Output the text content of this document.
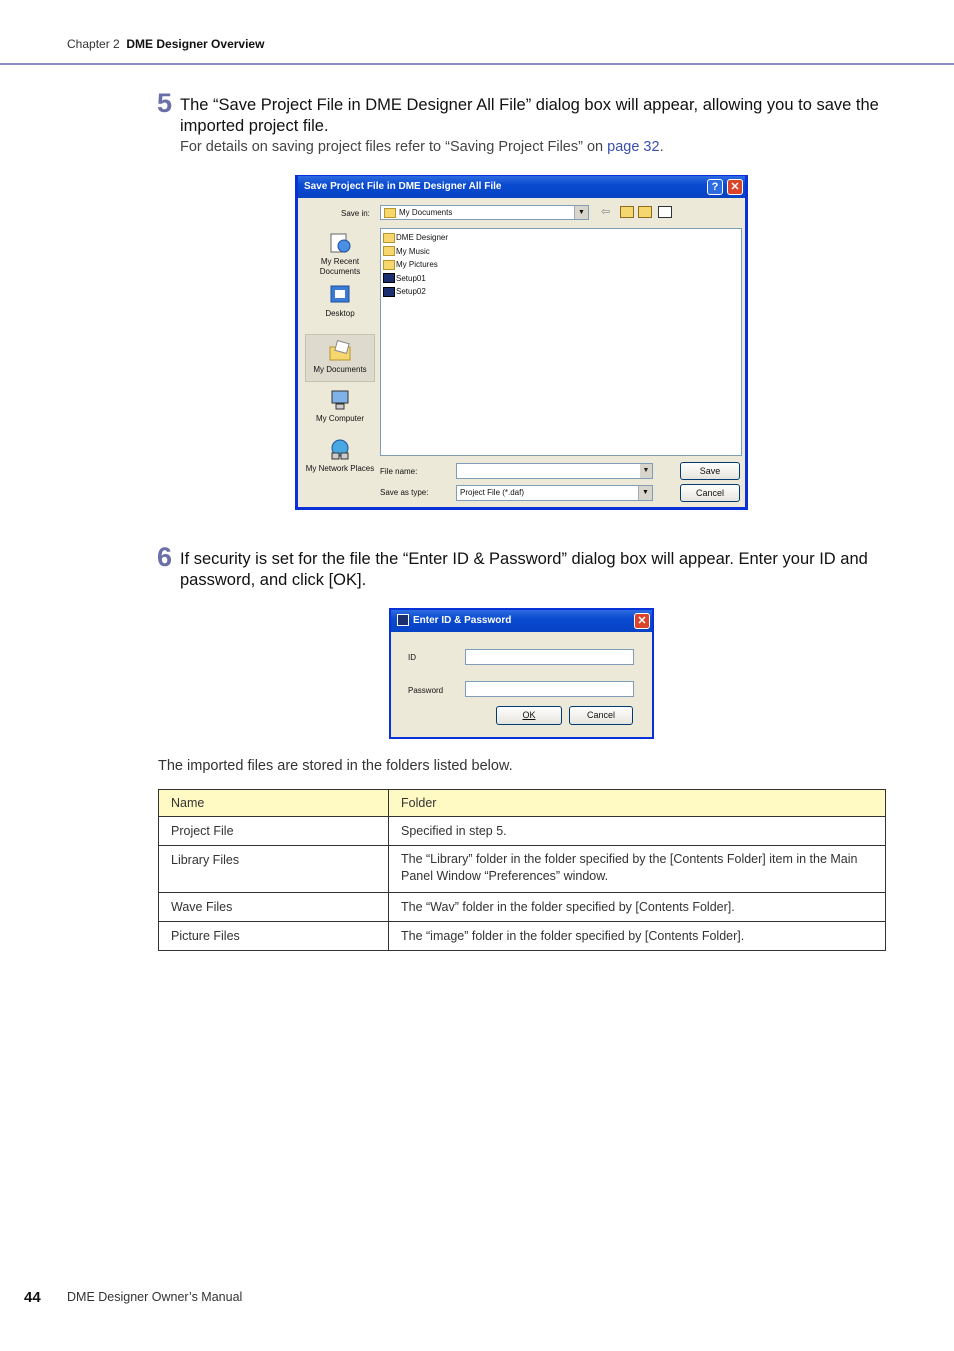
Chapter 2 DME Designer Overview
5 The “Save Project File in DME Designer All File” dialog box will appear, allowing you to save the imported project file.
For details on saving project files refer to “Saving Project Files” on page 32.
Save Project File in DME Designer All File	?	✕
Save in:	My Documents	▼ ⇦
My Recent Documents
Desktop
My Documents
My Computer
My Network Places
DME Designer
My Music
My Pictures
Setup01
Setup02
File name:	▼
Save as type:	Project File (*.daf)	▼
Save
Cancel
6 If security is set for the file the “Enter ID & Password” dialog box will appear. Enter your ID and password, and click [OK].
Enter ID & Password	✕
ID
Password
OK	Cancel
The imported files are stored in the folders listed below.
Name	Folder
Project File	Specified in step 5.
Library Files	The “Library” folder in the folder specified by the [Contents Folder] item in the Main Panel Window “Preferences” window.
Wave Files	The “Wav” folder in the folder specified by [Contents Folder].
Picture Files	The “image” folder in the folder specified by [Contents Folder].
44 DME Designer Owner’s Manual
